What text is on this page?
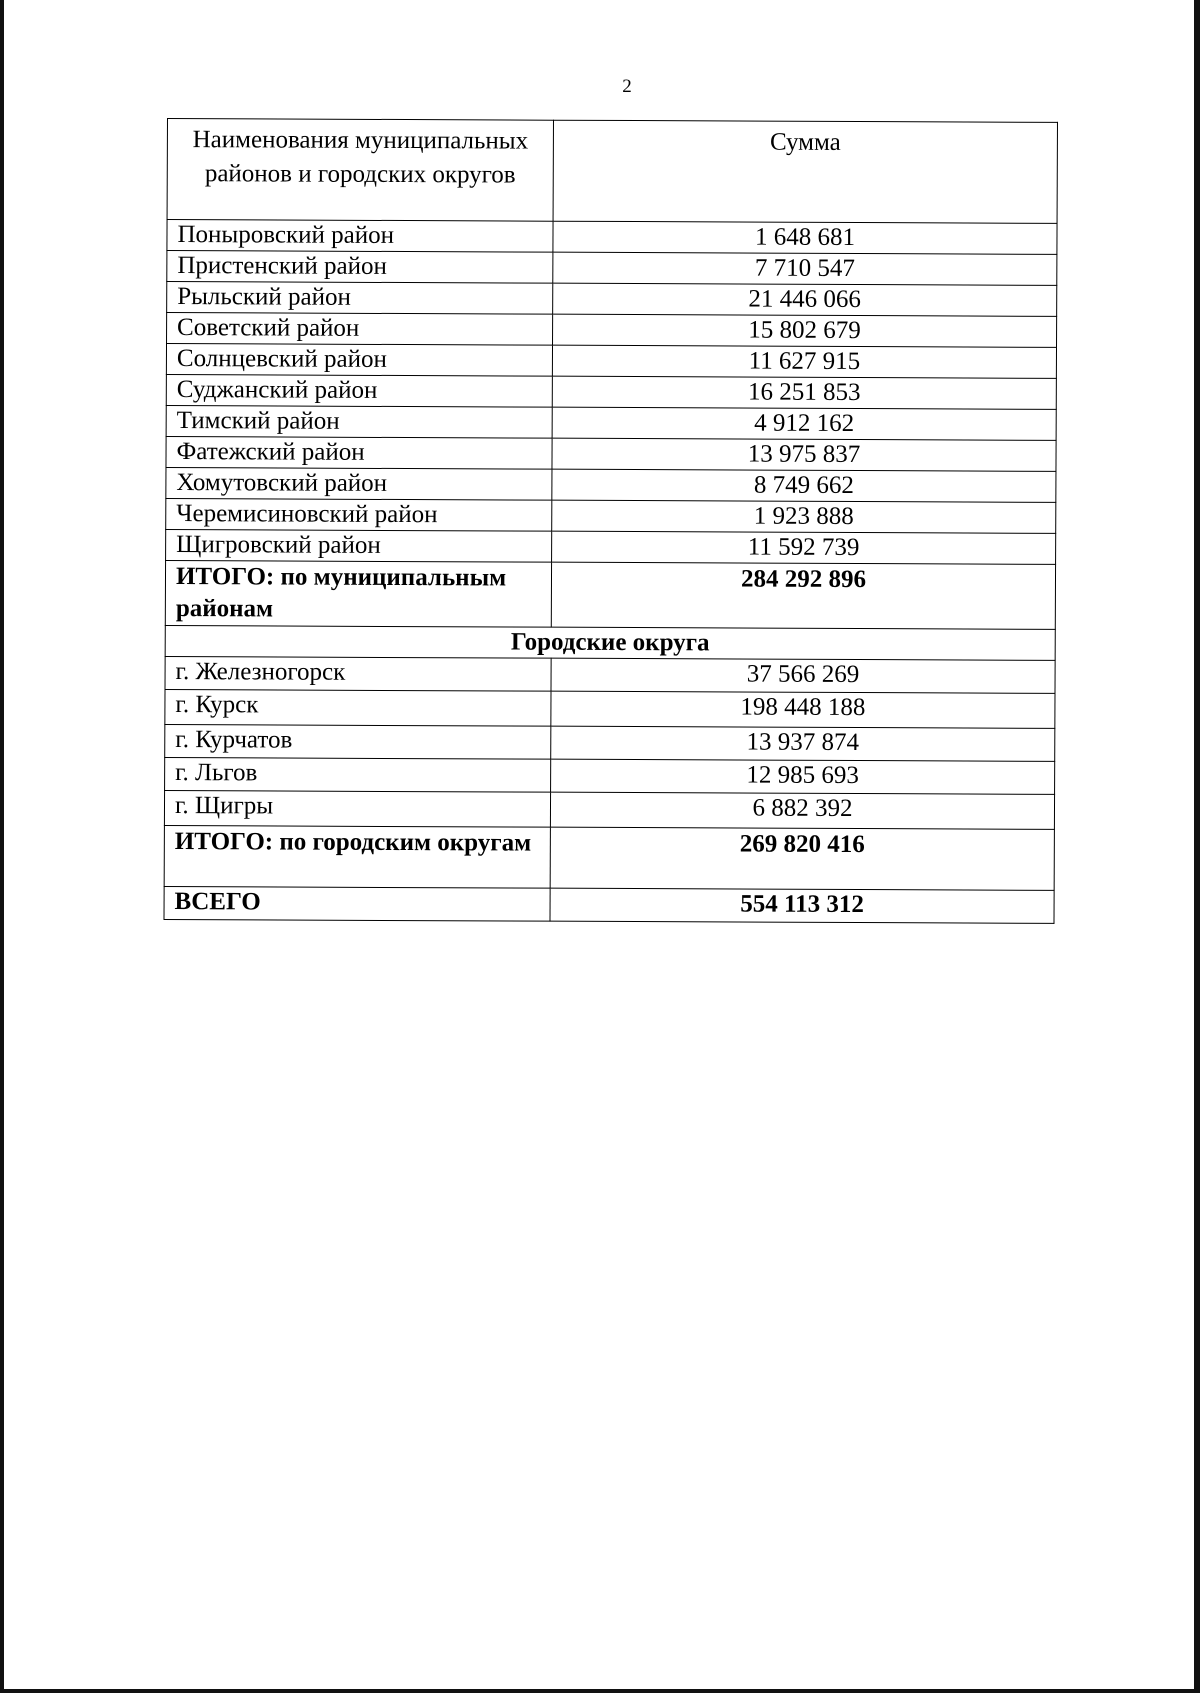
2
Наименования муниципальных районов и городских округов	Сумма
Поныровский район	1 648 681
Пристенский район	7 710 547
Рыльский район	21 446 066
Советский район	15 802 679
Солнцевский район	11 627 915
Суджанский район	16 251 853
Тимский район	4 912 162
Фатежский район	13 975 837
Хомутовский район	8 749 662
Черемисиновский район	1 923 888
Щигровский район	11 592 739
ИТОГО: по муниципальным районам	284 292 896
Городские округа	
г. Железногорск	37 566 269
г. Курск	198 448 188
г. Курчатов	13 937 874
г. Льгов	12 985 693
г. Щигры	6 882 392
ИТОГО: по городским округам	269 820 416
ВСЕГО	554 113 312
